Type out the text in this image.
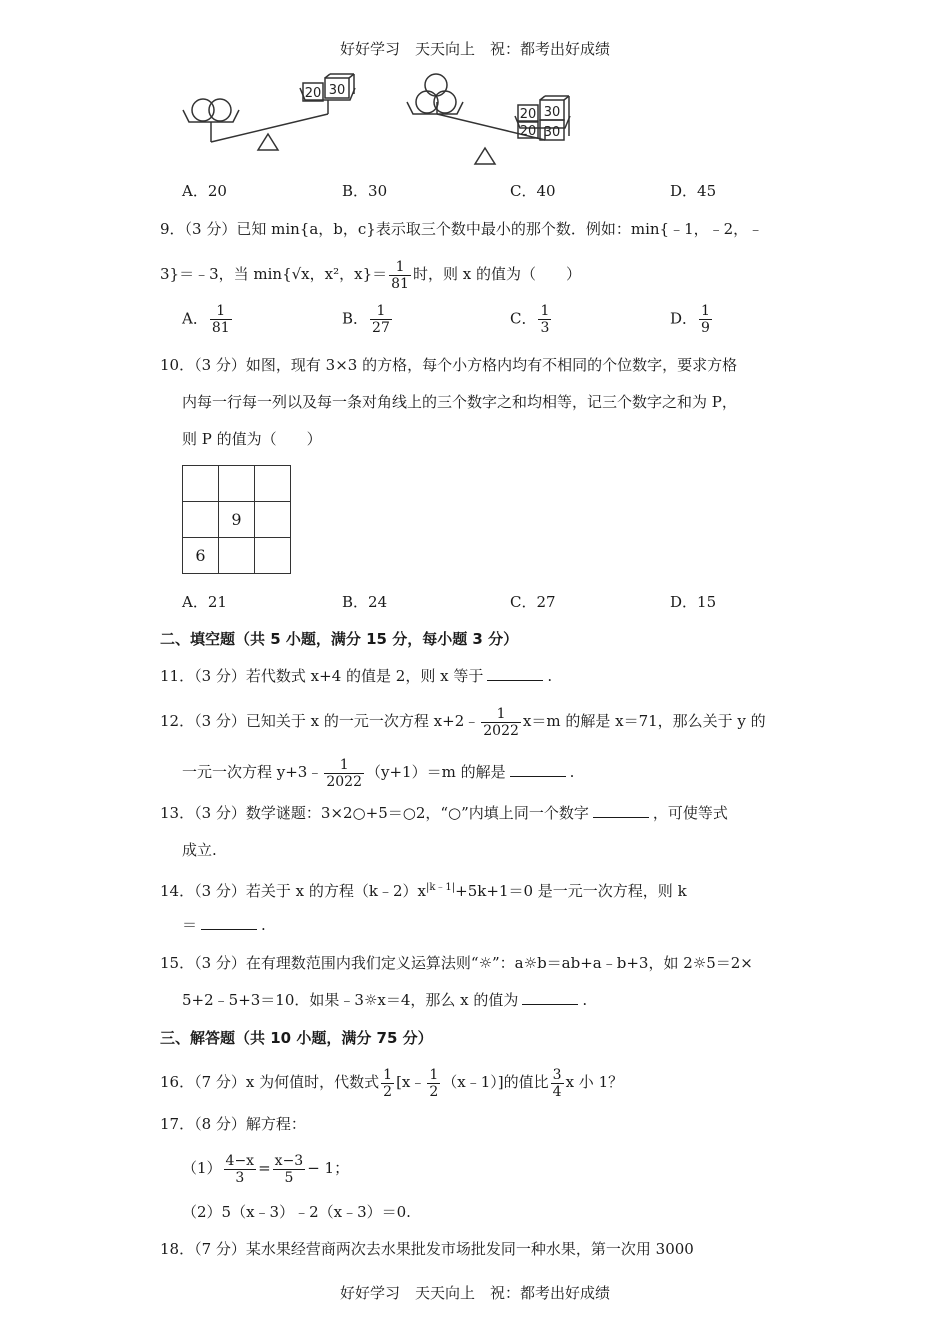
好好学习　天天向上　祝：都考出好成绩
20 30
20 30
20 30
A．20	B．30	C．40	D．45
9．（3 分）已知 min{a，b，c}表示取三个数中最小的那个数．例如：min{﹣1，﹣2，﹣
3}＝﹣3，当 min{√x，x²，$x\}= \frac{1}{81}$ 时，则 x 的值为（　　）
A． $\frac{1}{81}$	B． $\frac{1}{27}$	C． $\frac{1}{3}$	D． $\frac{1}{9}$
10．（3 分）如图，现有 3×3 的方格，每个小方格内均有不相同的个位数字，要求方格
内每一行每一列以及每一条对角线上的三个数字之和均相等，记三个数字之和为 P，
则 P 的值为（　　）

	9	
6		
A．21	B．24	C．27	D．15
二、填空题（共 5 小题，满分 15 分，每小题 3 分）
11．（3 分）若代数式 x+4 的值是 2，则 x 等于	.
12．（3 分）已知关于 x 的一元一次方程 x+2﹣ $\frac{1}{2022} x=m$ 的解是 x＝71，那么关于 y 的
一元一次方程 y+3﹣ $\frac{1}{2022} (y+1)=m$ 的解是	.
13．（3 分）数学谜题：3×2○+5＝○2，“○”内填上同一个数字	，可使等式
成立.
14．（3 分）若关于 x 的方程$(k﹣2)x^{|k﹣1|}+5k+1=0$ 是一元一次方程，则 k
＝	.
15．（3 分）在有理数范围内我们定义运算法则“☼”：a☼b＝ab+a﹣b+3，如 2☼5＝2×
5+2﹣5+3＝10．如果﹣3☼x＝4，那么 x 的值为	.
三、解答题（共 10 小题，满分 75 分）
16．（7 分）x 为何值时，代数式 $\frac{1}{2}$ [x﹣ $\frac{1}{2}$ （x﹣1）]的值比 $\frac{3}{4}$ x 小 1？
17．（8 分）解方程：
$(1) \frac{4-x}{3} = \frac{x-3}{5} - 1$；
（2）5（x﹣3）﹣2（x﹣3）＝0.
18．（7 分）某水果经营商两次去水果批发市场批发同一种水果，第一次用 3000
好好学习　天天向上　祝：都考出好成绩
